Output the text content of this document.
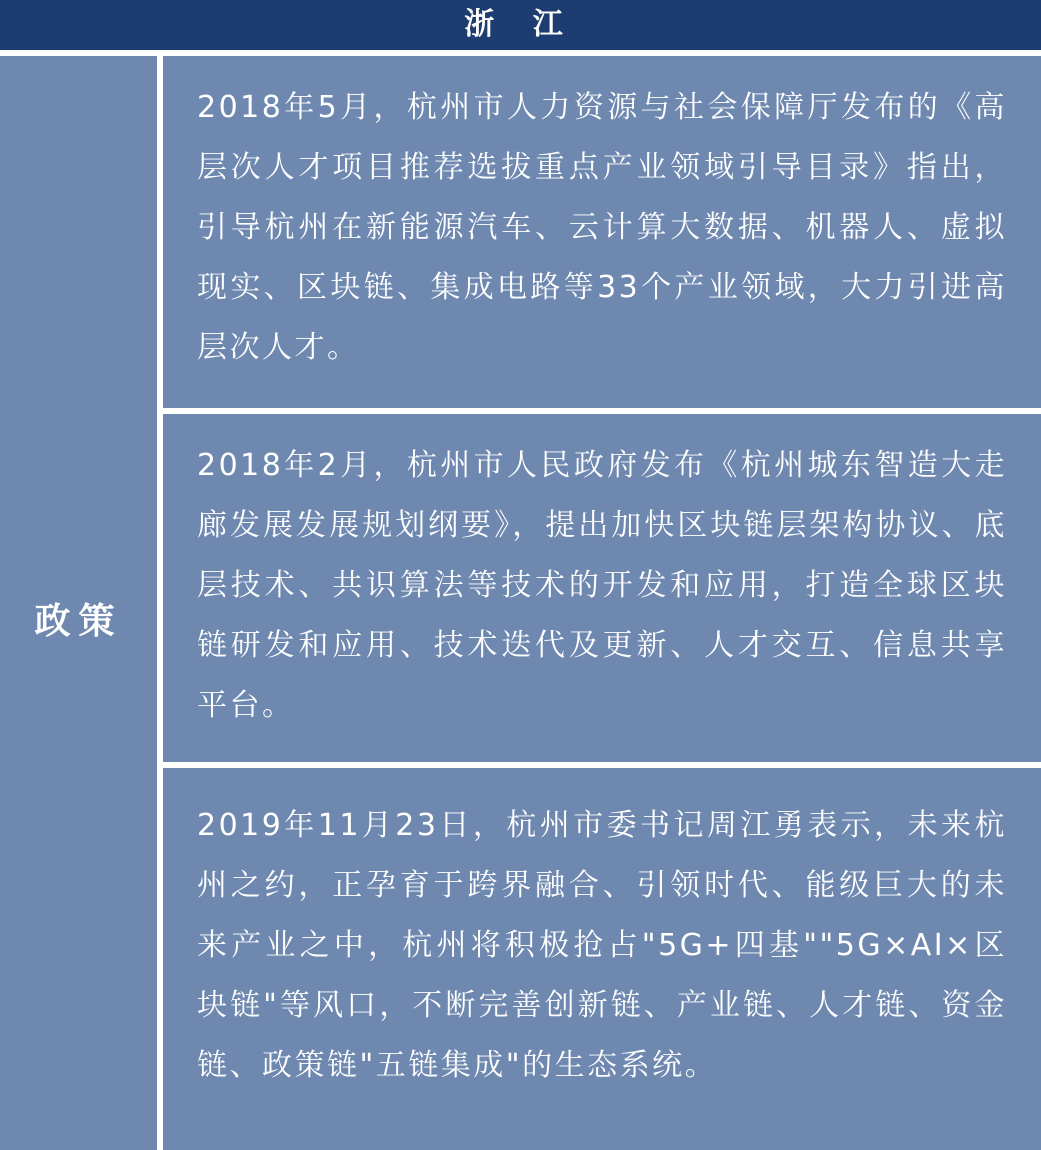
浙 江
政策

2018年5月，杭州市人力资源与社会保障厅发布的《高层次人才项目推荐选拔重点产业领域引导目录》指出，引导杭州在新能源汽车、云计算大数据、机器人、虚拟现实、区块链、集成电路等33个产业领域，大力引进高层次人才。

2018年2月，杭州市人民政府发布《杭州城东智造大走廊发展发展规划纲要》，提出加快区块链层架构协议、底层技术、共识算法等技术的开发和应用，打造全球区块链研发和应用、技术迭代及更新、人才交互、信息共享平台。

2019年11月23日，杭州市委书记周江勇表示，未来杭州之约，正孕育于跨界融合、引领时代、能级巨大的未来产业之中，杭州将积极抢占"5G+四基""5G×AI×区块链"等风口，不断完善创新链、产业链、人才链、资金链、政策链"五链集成"的生态系统。
